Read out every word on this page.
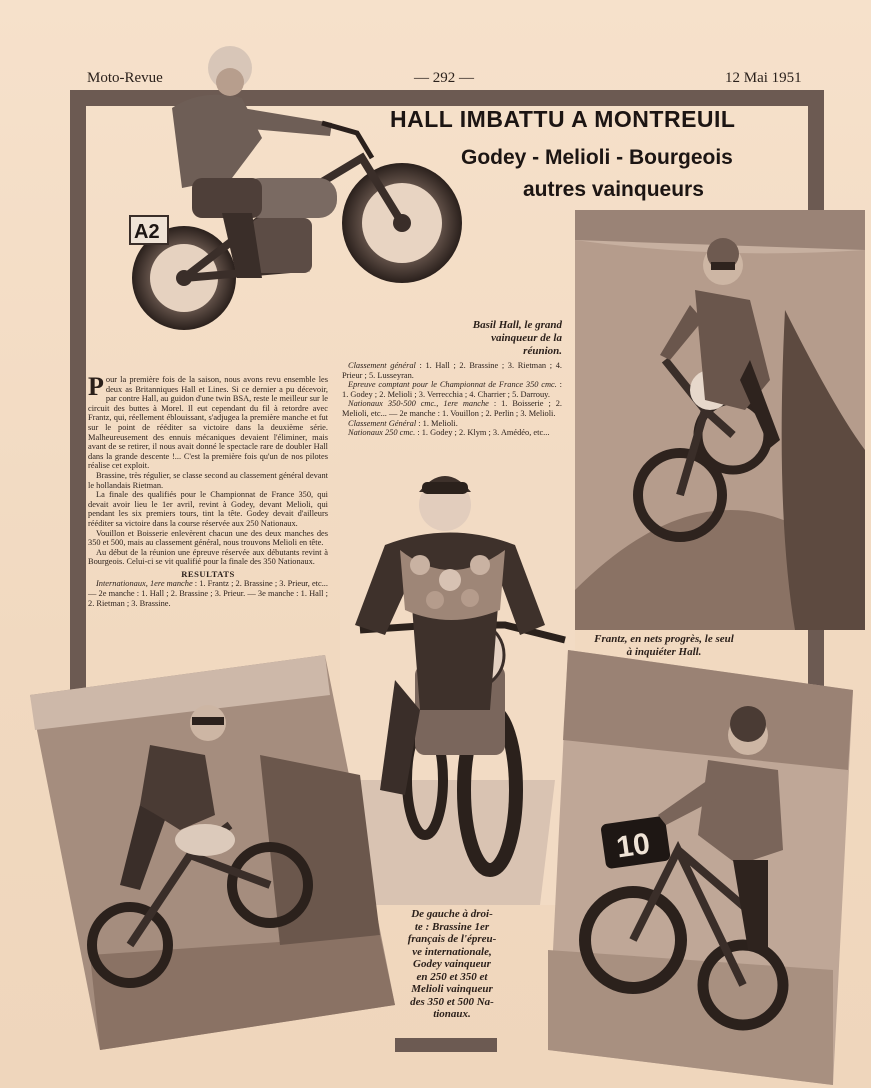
Moto-Revue	— 292 —	12 Mai 1951
A2
HALL IMBATTU A MONTREUIL
Godey - Melioli - Bourgeois
autres vainqueurs
Basil Hall, le grand
vainqueur de la
réunion.

Pour la première fois de la saison, nous avons revu ensemble les deux as Britanniques Hall et Lines. Si ce dernier a pu décevoir, par contre Hall, au guidon d'une twin BSA, reste le meilleur sur le circuit des buttes à Morel. Il eut cependant du fil à retordre avec Frantz, qui, réellement éblouissant, s'adjugea la première manche et fut sur le point de rééditer sa victoire dans la deuxième série. Malheureusement des ennuis mécaniques devaient l'éliminer, mais avant de se retirer, il nous avait donné le spectacle rare de doubler Hall dans la grande descente !... C'est la première fois qu'un de nos pilotes réalise cet exploit.

Brassine, très régulier, se classe second au classement général devant le hollandais Rietman.

La finale des qualifiés pour le Championnat de France 350, qui devait avoir lieu le 1er avril, revint à Godey, devant Melioli, qui pendant les six premiers tours, tint la tête. Godey devait d'ailleurs rééditer sa victoire dans la course réservée aux 250 Nationaux.

Vouillon et Boisserie enlevèrent chacun une des deux manches des 350 et 500, mais au classement général, nous trouvons Melioli en tête.

Au début de la réunion une épreuve réservée aux débutants revint à Bourgeois. Celui-ci se vit qualifié pour la finale des 350 Nationaux.

RESULTATS

Internationaux, 1ere manche : 1. Frantz ; 2. Brassine ; 3. Prieur, etc... — 2e manche : 1. Hall ; 2. Brassine ; 3. Prieur. — 3e manche : 1. Hall ; 2. Rietman ; 3. Brassine.

Classement général : 1. Hall ; 2. Brassine ; 3. Rietman ; 4. Prieur ; 5. Lusseyran.

Epreuve comptant pour le Championnat de France 350 cmc. : 1. Godey ; 2. Melioli ; 3. Verrecchia ; 4. Charrier ; 5. Darrouy.

Nationaux 350-500 cmc., 1ere manche : 1. Boisserie ; 2. Melioli, etc... — 2e manche : 1. Vouillon ; 2. Perlin ; 3. Melioli.

Classement Général : 1. Melioli.

Nationaux 250 cmc. : 1. Godey ; 2. Klym ; 3. Amédéo, etc...

Frantz, en nets progrès, le seul
à inquiéter Hall.
10
De gauche à droi-
te : Brassine 1er
français de l'épreu-
ve internationale,
Godey vainqueur
en 250 et 350 et
Melioli vainqueur
des 350 et 500 Na-
tionaux.
